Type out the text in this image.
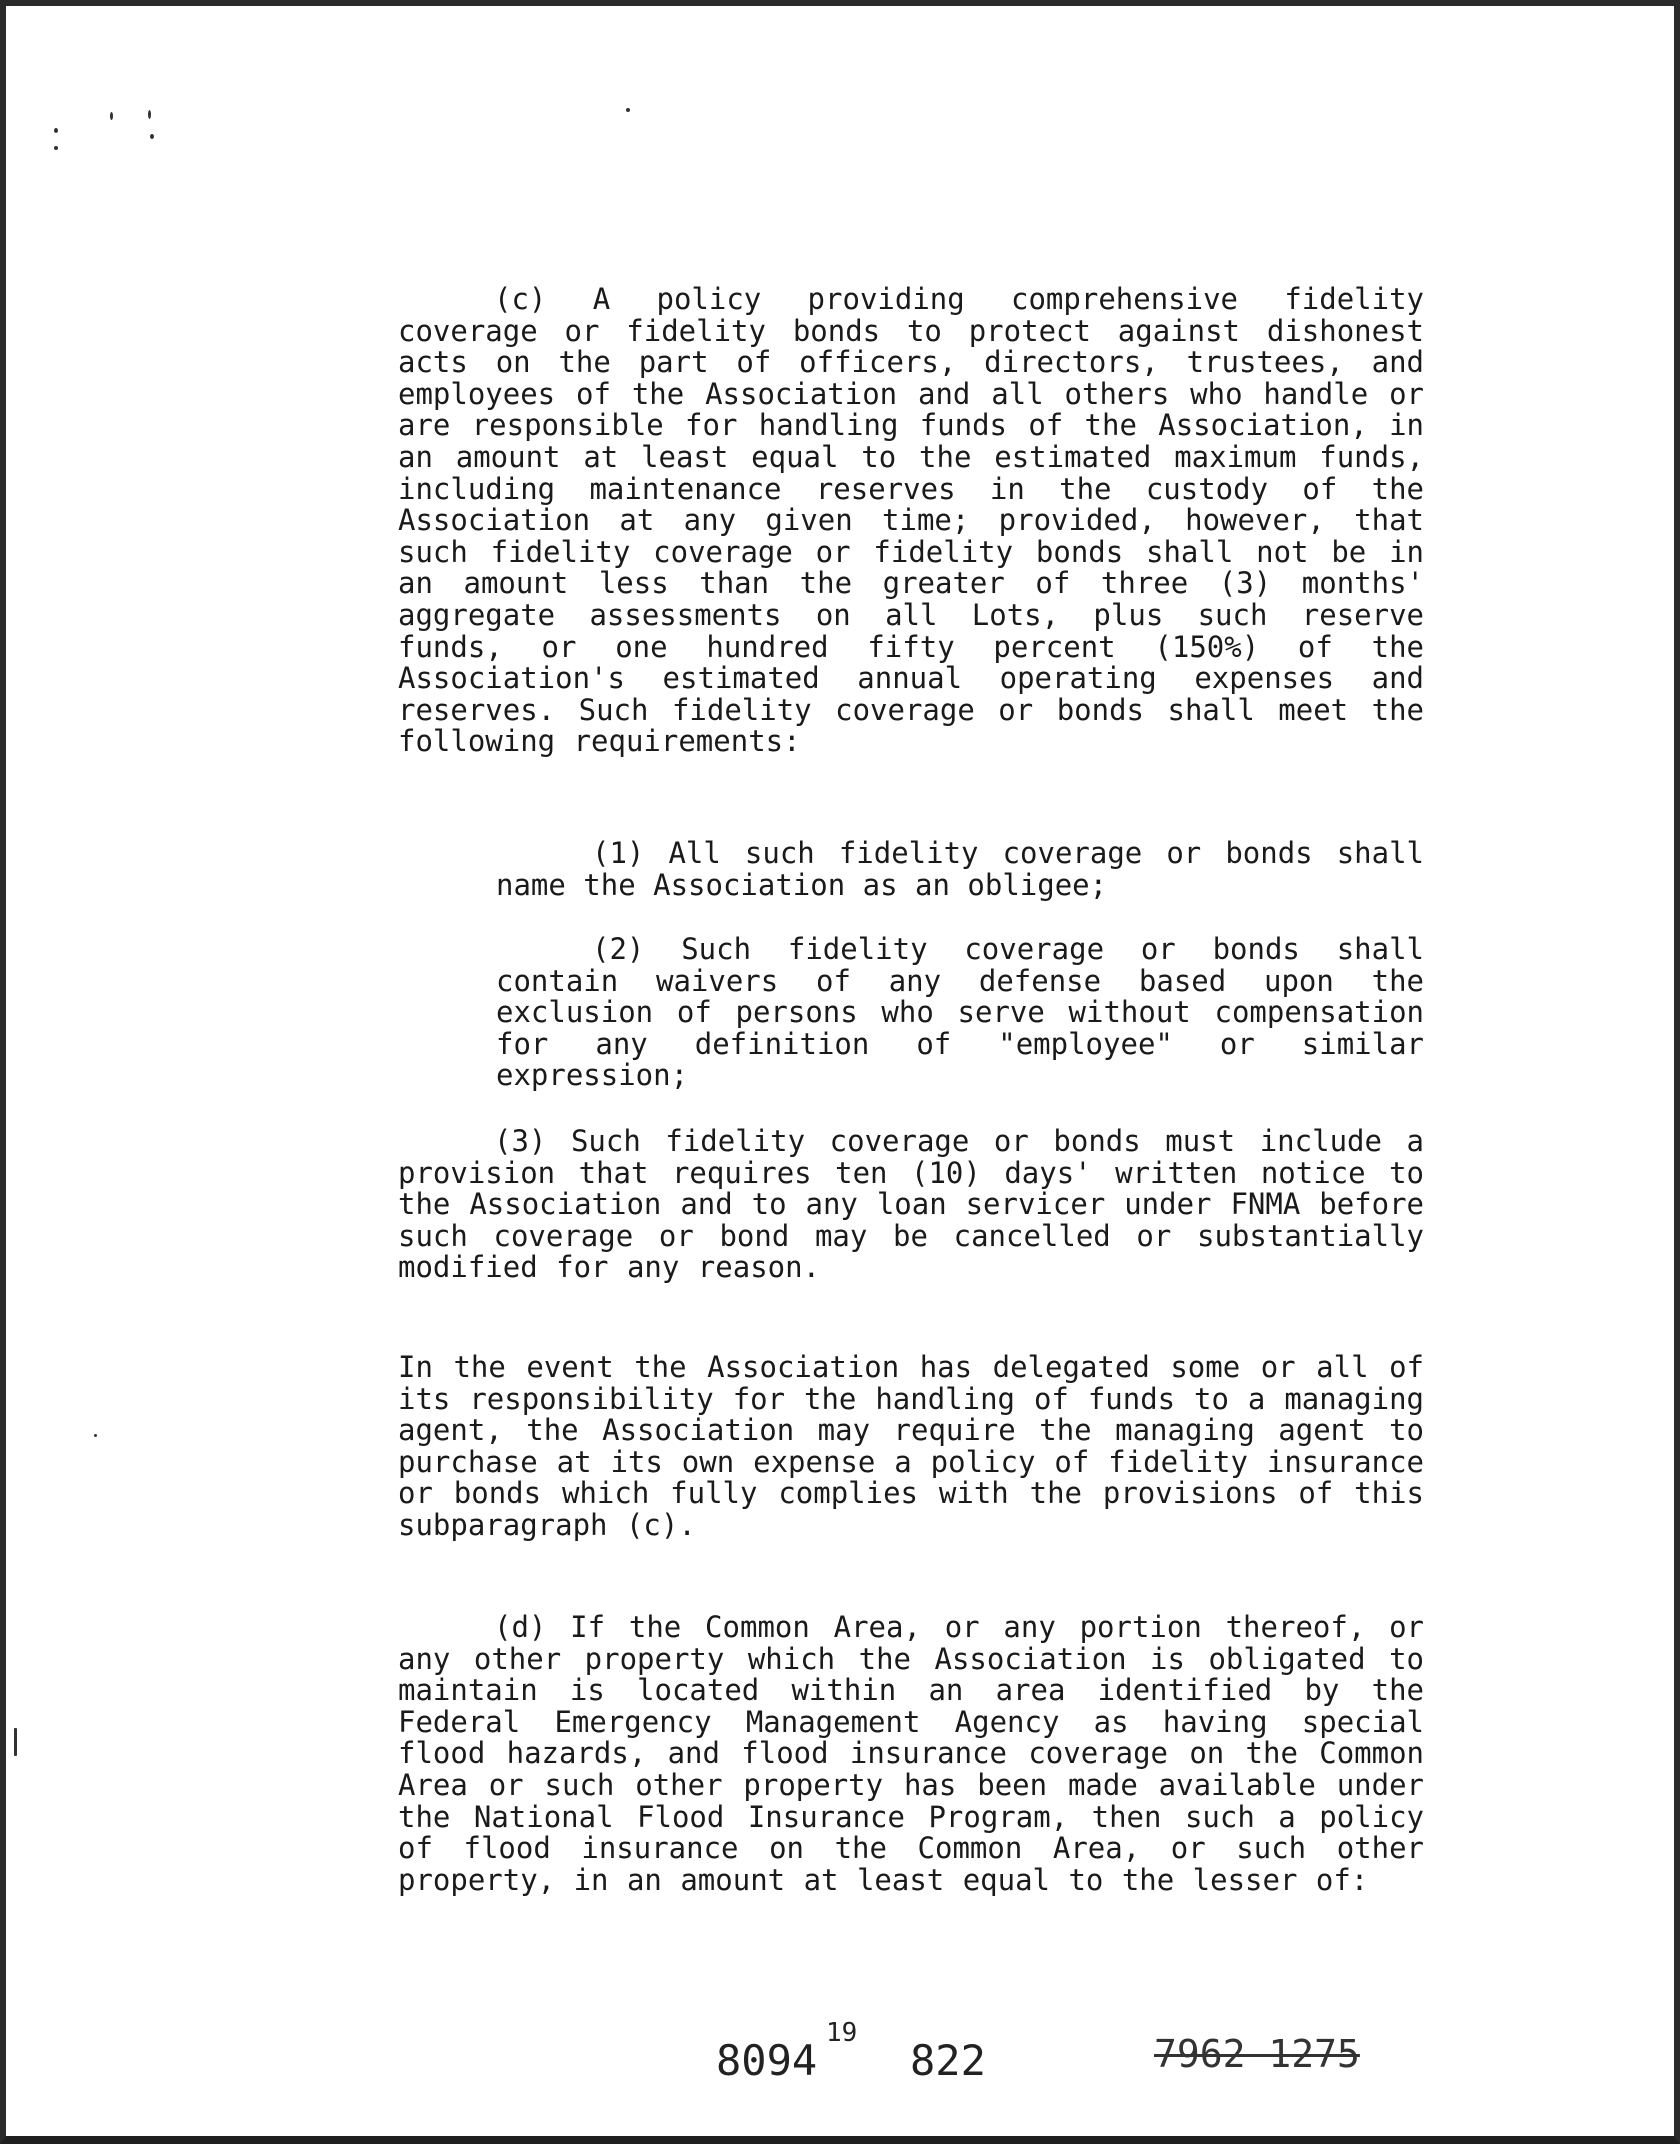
(c) A policy providing comprehensive fidelity coverage or fidelity bonds to protect against dishonest acts on the part of officers, directors, trustees, and employees of the Association and all others who handle or are responsible for handling funds of the Association, in an amount at least equal to the estimated maximum funds, including maintenance reserves in the custody of the Association at any given time; provided, however, that such fidelity coverage or fidelity bonds shall not be in an amount less than the greater of three (3) months' aggregate assessments on all Lots, plus such reserve funds, or one hundred fifty percent (150%) of the Association's estimated annual operating expenses and reserves. Such fidelity coverage or bonds shall meet the following requirements:
(1) All such fidelity coverage or bonds shall name the Association as an obligee;
(2) Such fidelity coverage or bonds shall contain waivers of any defense based upon the exclusion of persons who serve without compensation for any definition of "employee" or similar expression;
(3) Such fidelity coverage or bonds must include a provision that requires ten (10) days' written notice to the Association and to any loan servicer under FNMA before such coverage or bond may be cancelled or substantially modified for any reason.
In the event the Association has delegated some or all of its responsibility for the handling of funds to a managing agent, the Association may require the managing agent to purchase at its own expense a policy of fidelity insurance or bonds which fully complies with the provisions of this subparagraph (c).
(d) If the Common Area, or any portion thereof, or any other property which the Association is obligated to maintain is located within an area identified by the Federal Emergency Management Agency as having special flood hazards, and flood insurance coverage on the Common Area or such other property has been made available under the National Flood Insurance Program, then such a policy of flood insurance on the Common Area, or such other property, in an amount at least equal to the lesser of:
8094
19
822	7962 1275
